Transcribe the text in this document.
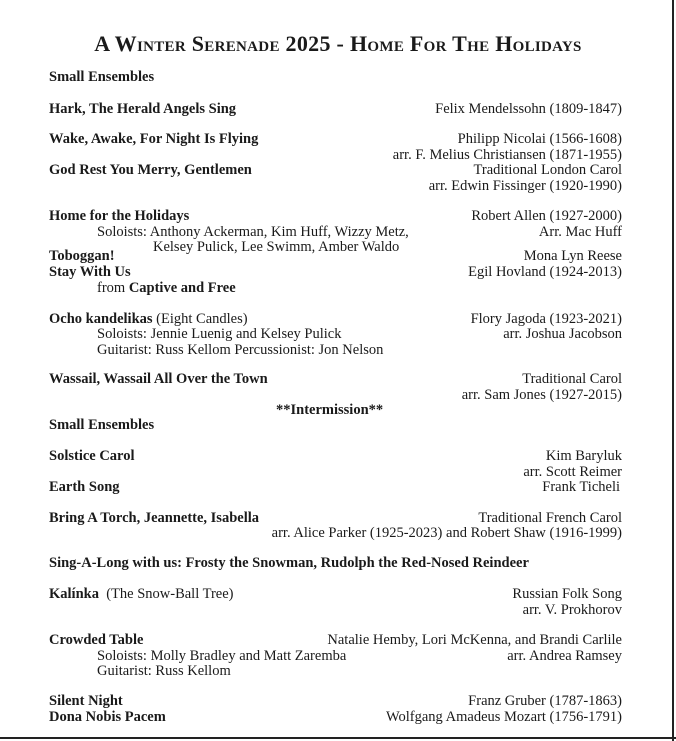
A Winter Serenade 2025 - Home For The Holidays
Small Ensembles
Hark, The Herald Angels Sing	Felix Mendelssohn (1809-1847)
Wake, Awake, For Night Is Flying	Philipp Nicolai (1566-1608)
arr. F. Melius Christiansen (1871-1955)
God Rest You Merry, Gentlemen	Traditional London Carol
arr. Edwin Fissinger (1920-1990)
Home for the Holidays	Robert Allen (1927-2000)
Soloists: Anthony Ackerman, Kim Huff, Wizzy Metz,	Arr. Mac Huff
Kelsey Pulick, Lee Swimm, Amber Waldo
Toboggan!	Mona Lyn Reese
Stay With Us	Egil Hovland (1924-2013)
from Captive and Free
Ocho kandelikas (Eight Candles)	Flory Jagoda (1923-2021)
Soloists: Jennie Luenig and Kelsey Pulick	arr. Joshua Jacobson
Guitarist: Russ Kellom Percussionist: Jon Nelson
Wassail, Wassail All Over the Town	Traditional Carol
arr. Sam Jones (1927-2015)
**Intermission**
Small Ensembles
Solstice Carol	Kim Baryluk
arr. Scott Reimer
Earth Song	Frank Ticheli
Bring A Torch, Jeannette, Isabella	Traditional French Carol
arr. Alice Parker (1925-2023) and Robert Shaw (1916-1999)
Sing-A-Long with us: Frosty the Snowman, Rudolph the Red-Nosed Reindeer
Kalínka (The Snow-Ball Tree)	Russian Folk Song
arr. V. Prokhorov
Crowded Table	Natalie Hemby, Lori McKenna, and Brandi Carlile
Soloists: Molly Bradley and Matt Zaremba	arr. Andrea Ramsey
Guitarist: Russ Kellom
Silent Night	Franz Gruber (1787-1863)
Dona Nobis Pacem	Wolfgang Amadeus Mozart (1756-1791)
